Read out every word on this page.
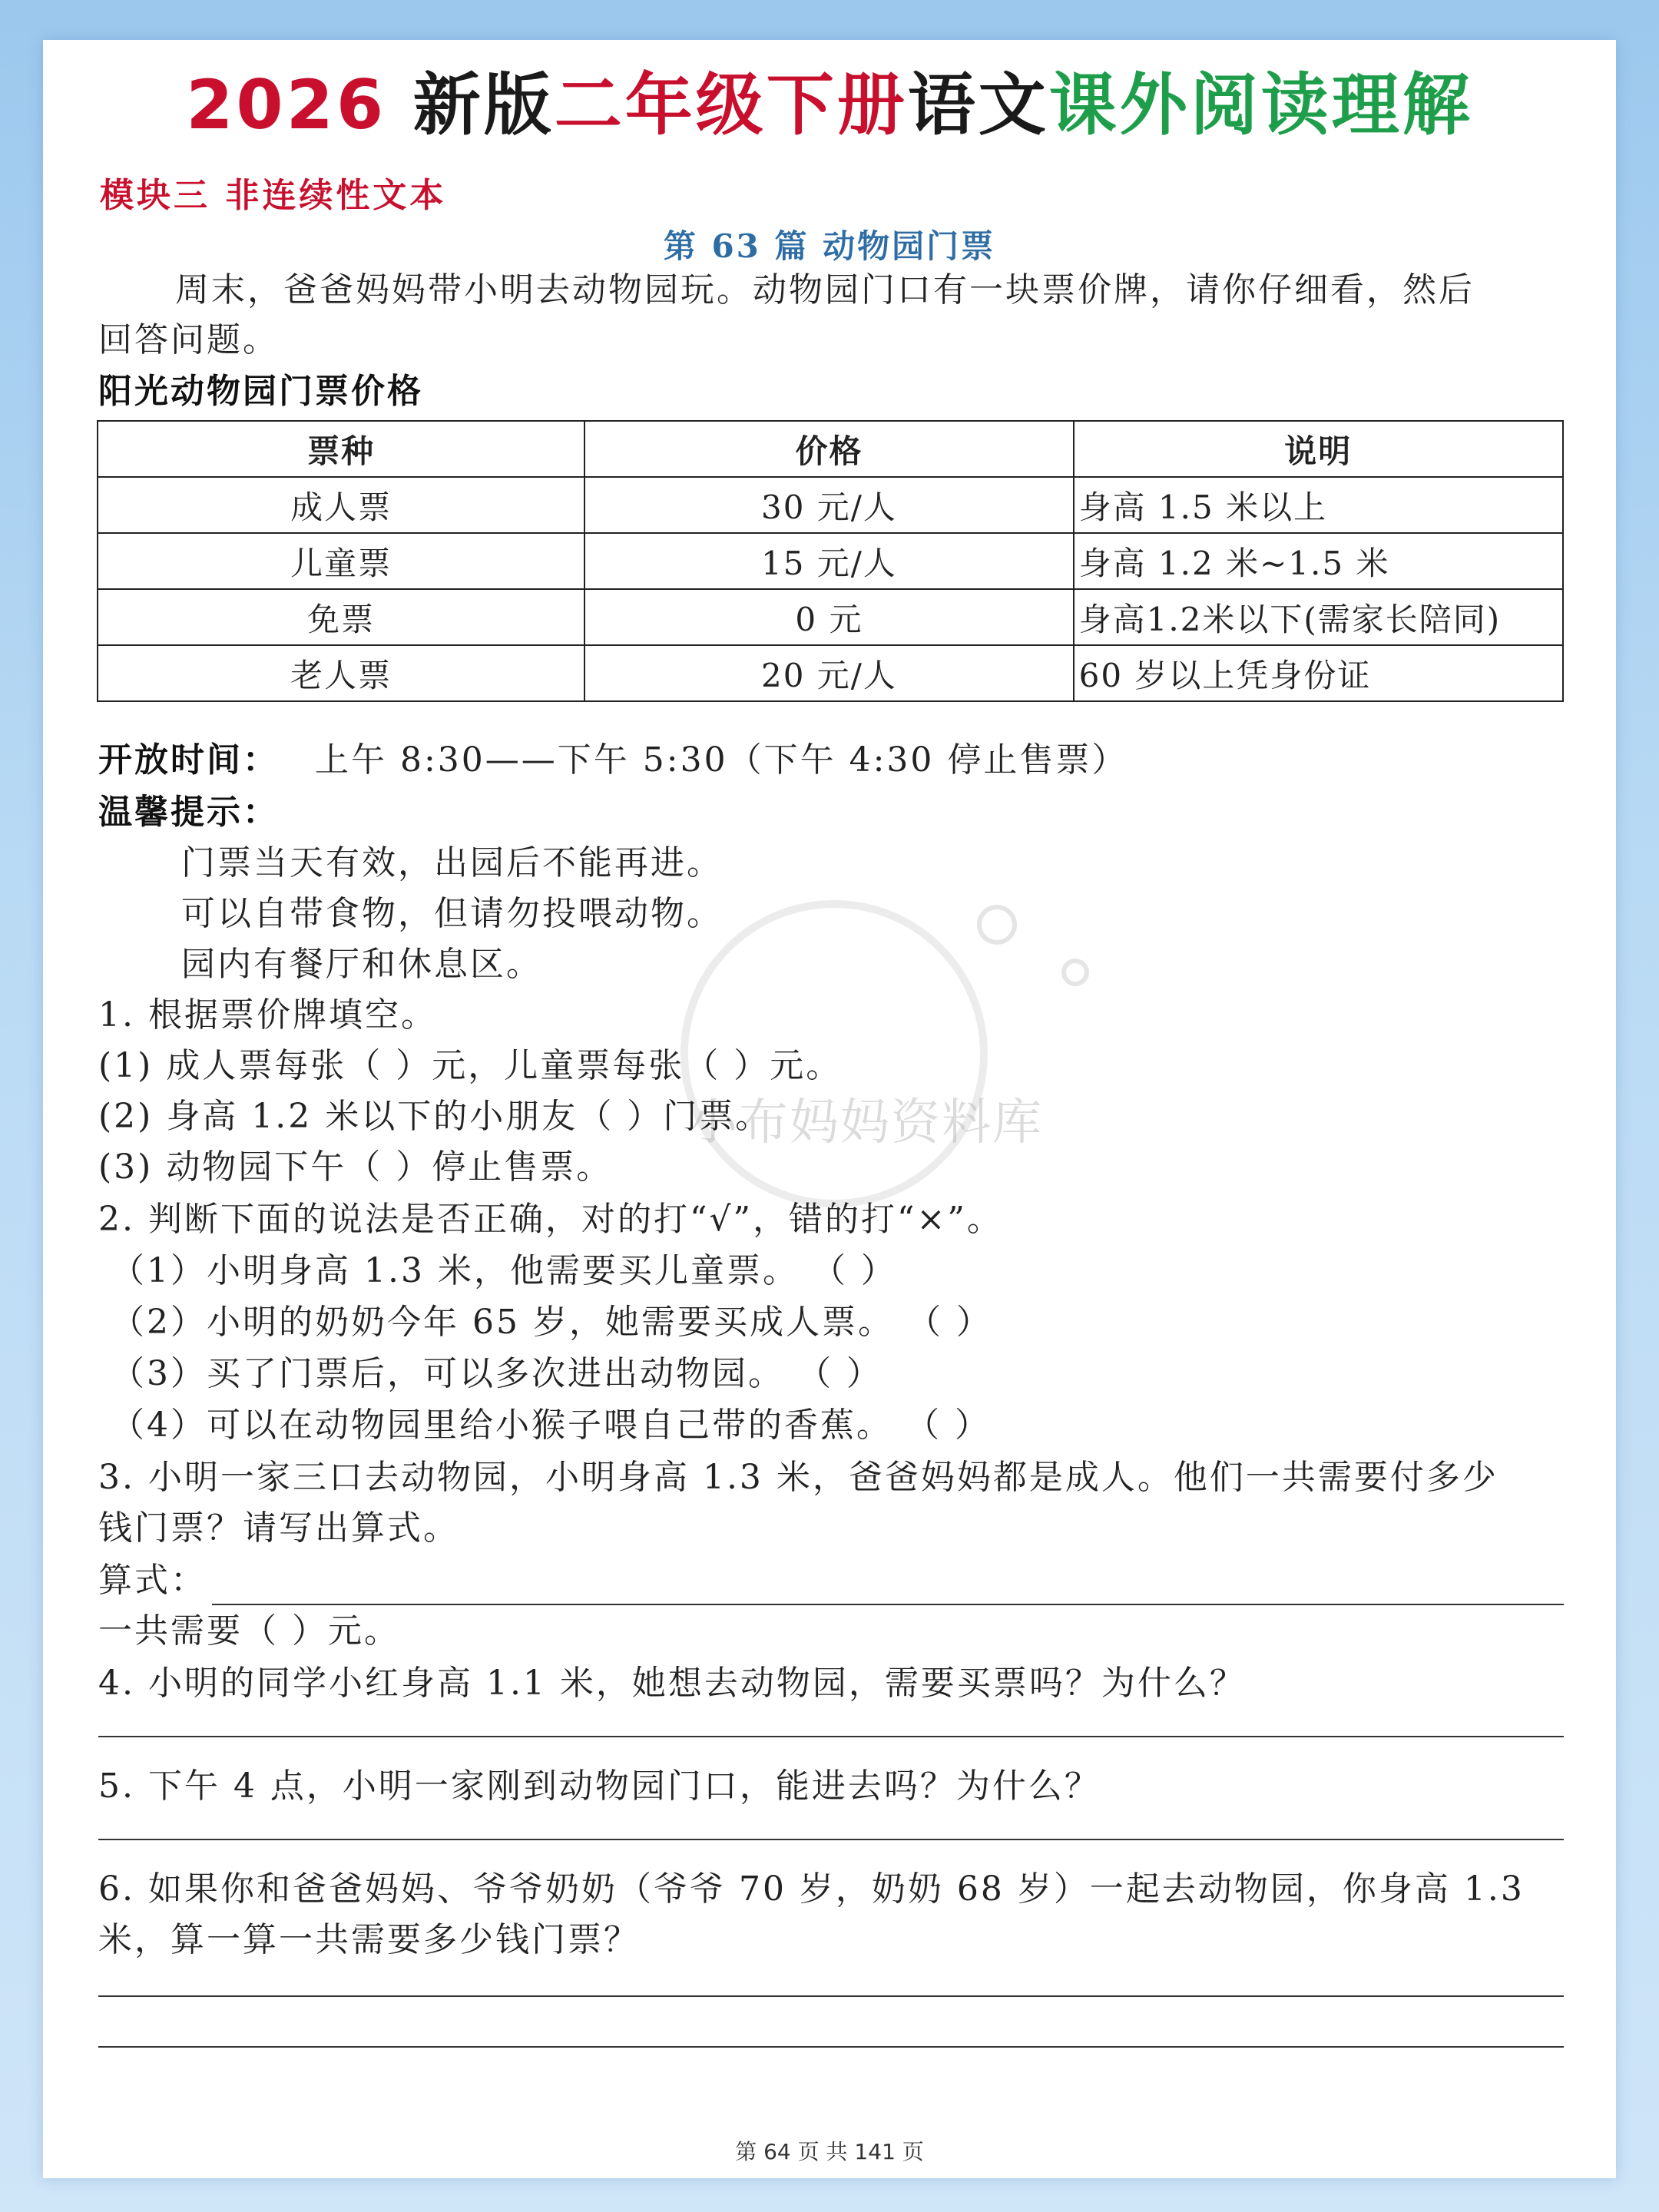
2026 新版二年级下册语文课外阅读理解
模块三 非连续性文本
第 63 篇 动物园门票
周末，爸爸妈妈带小明去动物园玩。动物园门口有一块票价牌，请你仔细看，然后
回答问题。
阳光动物园门票价格
票种	价格	说明
成人票	30 元/人	身高 1.5 米以上
儿童票	15 元/人	身高 1.2 米~1.5 米
免票	0 元	身高1.2米以下(需家长陪同)
老人票	20 元/人	60 岁以上凭身份证
开放时间： 上午 8:30——下午 5:30（下午 4:30 停止售票）
温馨提示：
门票当天有效，出园后不能再进。
可以自带食物，但请勿投喂动物。
园内有餐厅和休息区。
小布妈妈资料库
1. 根据票价牌填空。
(1) 成人票每张（ ）元，儿童票每张（ ）元。
(2) 身高 1.2 米以下的小朋友（ ）门票。
(3) 动物园下午（ ）停止售票。
2. 判断下面的说法是否正确，对的打“√”，错的打“×”。
（1）小明身高 1.3 米，他需要买儿童票。 （ ）
（2）小明的奶奶今年 65 岁，她需要买成人票。 （ ）
（3）买了门票后，可以多次进出动物园。 （ ）
（4）可以在动物园里给小猴子喂自己带的香蕉。 （ ）
3. 小明一家三口去动物园，小明身高 1.3 米，爸爸妈妈都是成人。他们一共需要付多少
钱门票？请写出算式。
算式：
一共需要（ ）元。
4. 小明的同学小红身高 1.1 米，她想去动物园，需要买票吗？为什么？
5. 下午 4 点，小明一家刚到动物园门口，能进去吗？为什么？
6. 如果你和爸爸妈妈、爷爷奶奶（爷爷 70 岁，奶奶 68 岁）一起去动物园，你身高 1.3
米，算一算一共需要多少钱门票？
第 64 页 共 141 页
